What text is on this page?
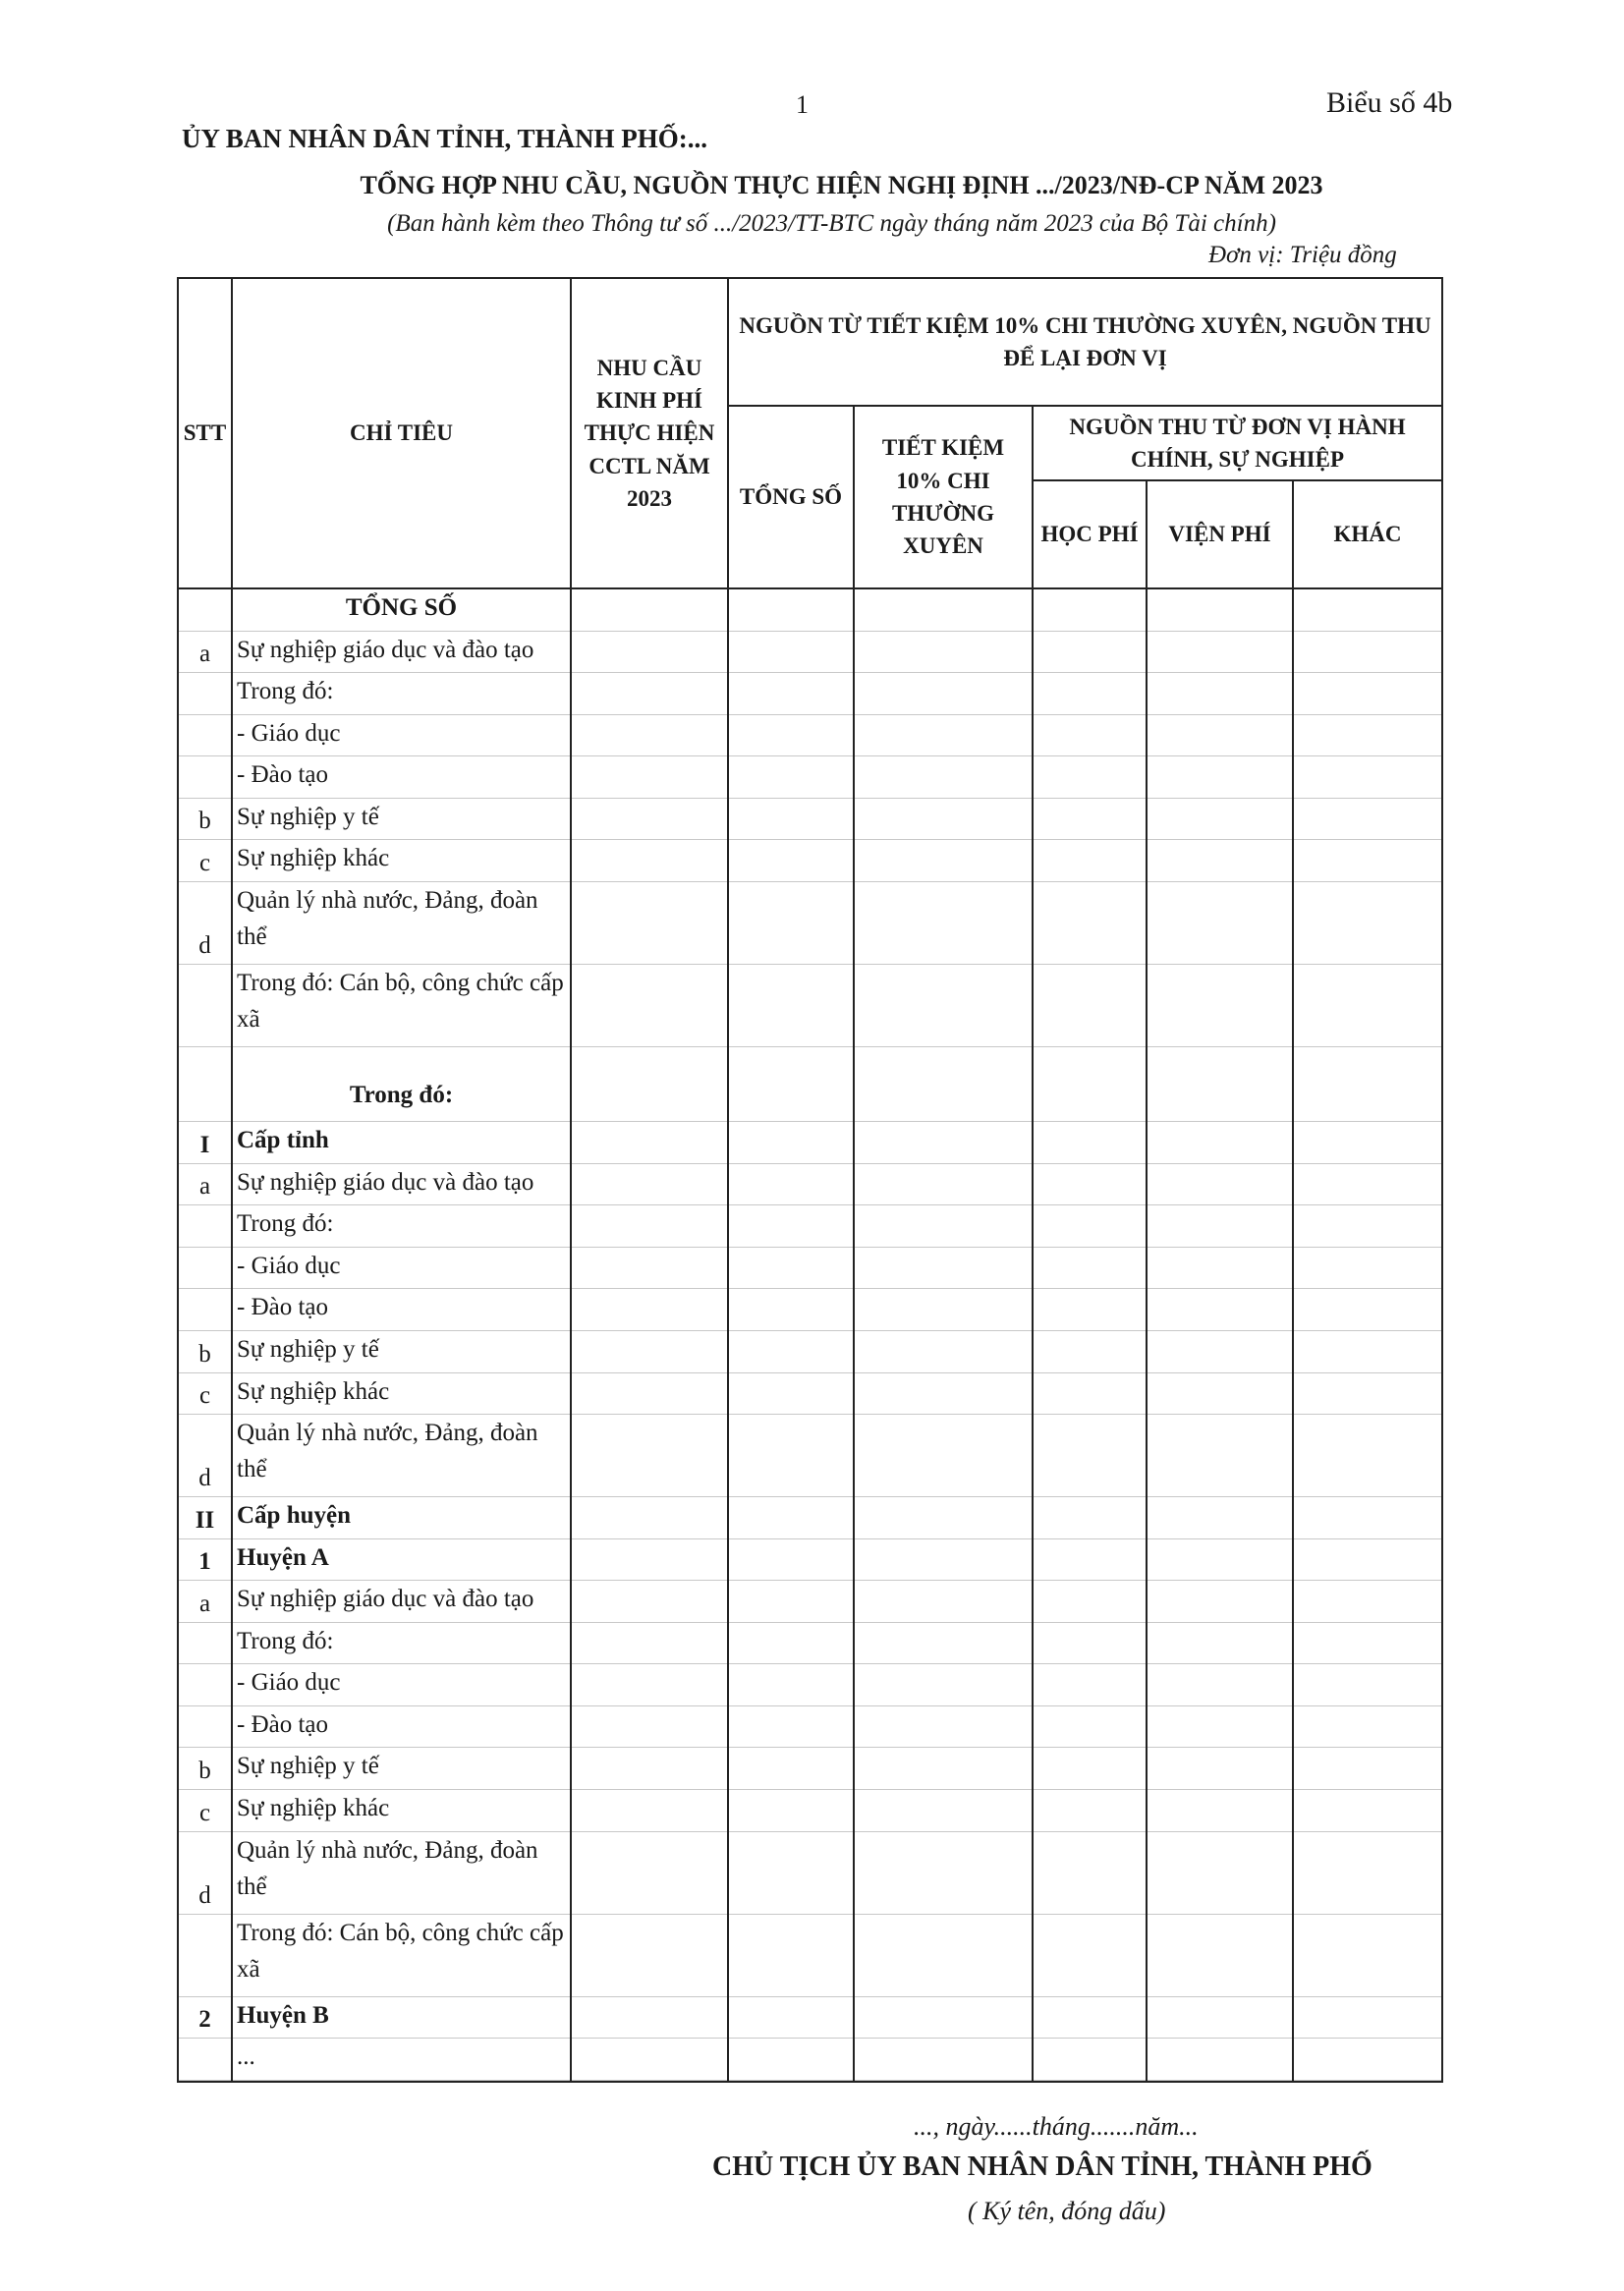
1	Biểu số 4b
ỦY BAN NHÂN DÂN TỈNH, THÀNH PHỐ:...
TỔNG HỢP NHU CẦU, NGUỒN THỰC HIỆN NGHỊ ĐỊNH .../2023/NĐ-CP NĂM 2023
(Ban hành kèm theo Thông tư số .../2023/TT-BTC ngày tháng năm 2023 của Bộ Tài chính)
Đơn vị: Triệu đồng
STT	CHỈ TIÊU	NHU CẦU KINH PHÍ THỰC HIỆN CCTL NĂM 2023	NGUỒN TỪ TIẾT KIỆM 10% CHI THƯỜNG XUYÊN, NGUỒN THU ĐỂ LẠI ĐƠN VỊ				
			TỔNG SỐ	TIẾT KIỆM 10% CHI THƯỜNG XUYÊN	NGUỒN THU TỪ ĐƠN VỊ HÀNH CHÍNH, SỰ NGHIỆP		
					HỌC PHÍ	VIỆN PHÍ	KHÁC
	TỔNG SỐ						
a	Sự nghiệp giáo dục và đào tạo						
	Trong đó:						
	- Giáo dục						
	- Đào tạo						
b	Sự nghiệp y tế						
c	Sự nghiệp khác						
d	Quản lý nhà nước, Đảng, đoàn thể						
	Trong đó: Cán bộ, công chức cấp xã						
	Trong đó:						
I	Cấp tỉnh						
a	Sự nghiệp giáo dục và đào tạo						
	Trong đó:						
	- Giáo dục						
	- Đào tạo						
b	Sự nghiệp y tế						
c	Sự nghiệp khác						
d	Quản lý nhà nước, Đảng, đoàn thể						
II	Cấp huyện						
1	Huyện A						
a	Sự nghiệp giáo dục và đào tạo						
	Trong đó:						
	- Giáo dục						
	- Đào tạo						
b	Sự nghiệp y tế						
c	Sự nghiệp khác						
d	Quản lý nhà nước, Đảng, đoàn thể						
	Trong đó: Cán bộ, công chức cấp xã						
2	Huyện B						
	...						

..., ngày......tháng.......năm...
CHỦ TỊCH ỦY BAN NHÂN DÂN TỈNH, THÀNH PHỐ
( Ký tên, đóng dấu)
